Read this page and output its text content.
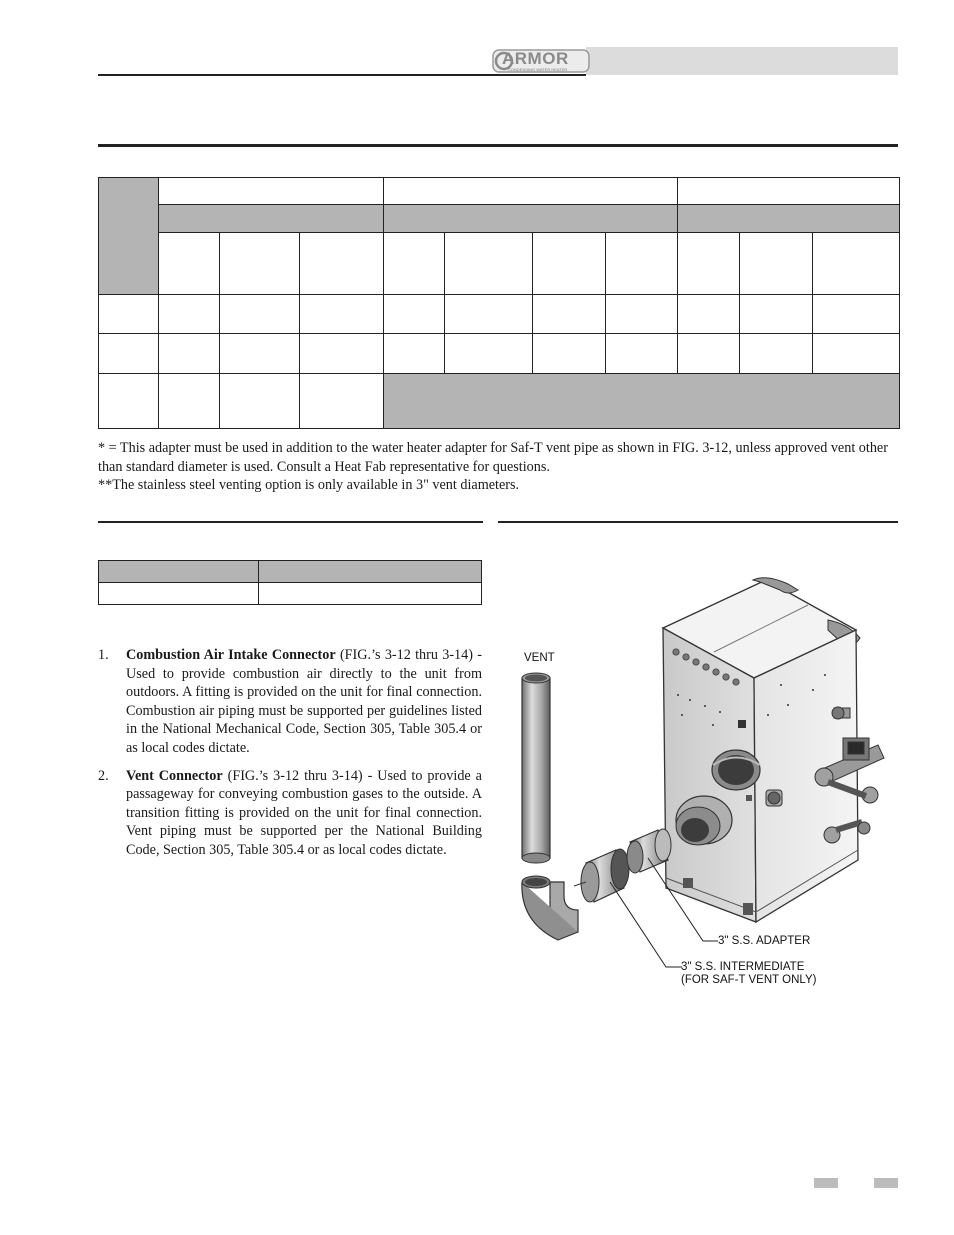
ARMOR
CONDENSING WATER HEATER

* = This adapter must be used in addition to the water heater adapter for Saf-T vent pipe as shown in FIG. 3-12, unless approved vent other than standard diameter is used. Consult a Heat Fab representative for questions.

**The stainless steel venting option is only available in 3" vent diameters.

1. Combustion Air Intake Connector (FIG.’s 3-12 thru 3-14) - Used to provide combustion air directly to the unit from outdoors. A fitting is provided on the unit for final connection. Combustion air piping must be supported per guidelines listed in the National Mechanical Code, Section 305, Table 305.4 or as local codes dictate.
2. Vent Connector (FIG.’s 3-12 thru 3-14) - Used to provide a passageway for conveying combustion gases to the outside. A transition fitting is provided on the unit for final connection. Vent piping must be supported per the National Building Code, Section 305, Table 305.4 or as local codes dictate.
VENT
3" S.S. ADAPTER
3" S.S. INTERMEDIATE
(FOR SAF-T VENT ONLY)
